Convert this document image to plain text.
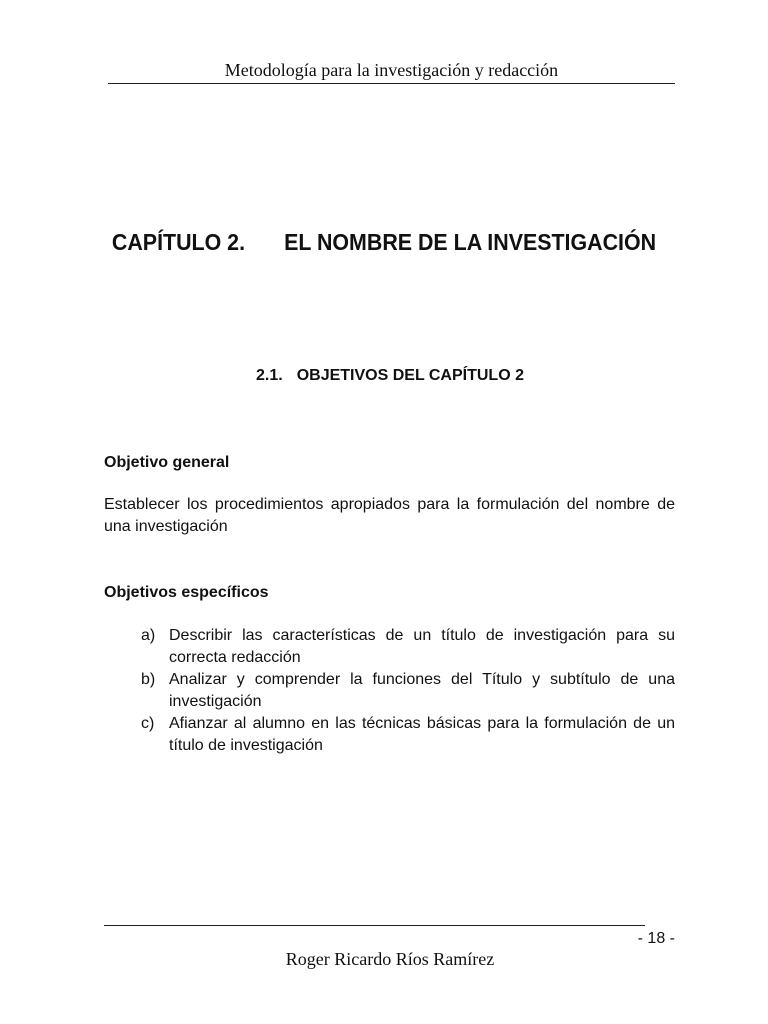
Metodología para la investigación y redacción
CAPÍTULO 2. EL NOMBRE DE LA INVESTIGACIÓN
2.1. OBJETIVOS DEL CAPÍTULO 2
Objetivo general
Establecer los procedimientos apropiados para la formulación del nombre de una investigación
Objetivos específicos
a) Describir las características de un título de investigación para su correcta redacción
b) Analizar y comprender la funciones del Título y subtítulo de una investigación
c) Afianzar al alumno en las técnicas básicas para la formulación de un título de investigación
- 18 -
Roger Ricardo Ríos Ramírez
